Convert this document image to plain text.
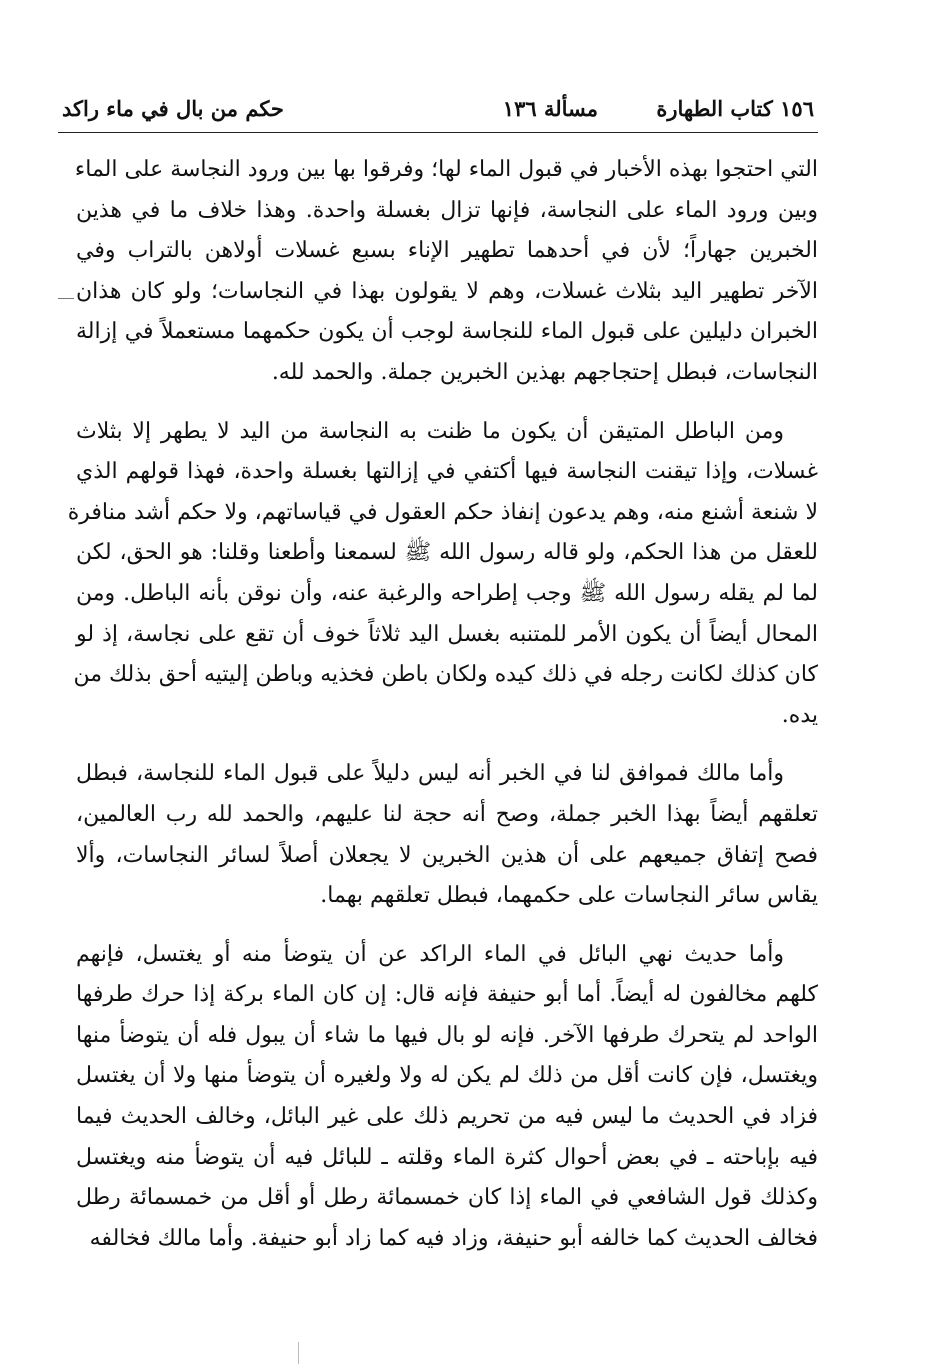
١٥٦ كتاب الطهارة
مسألة ١٣٦
حكم من بال في ماء راكد

التي احتجوا بهذه الأخبار في قبول الماء لها؛ وفرقوا بها بين ورود النجاسة على الماء
وبين ورود الماء على النجاسة، فإنها تزال بغسلة واحدة. وهذا خلاف ما في هذين
الخبرين جهاراً؛ لأن في أحدهما تطهير الإناء بسبع غسلات أولاهن بالتراب وفي
الآخر تطهير اليد بثلاث غسلات، وهم لا يقولون بهذا في النجاسات؛ ولو كان هذان
الخبران دليلين على قبول الماء للنجاسة لوجب أن يكون حكمهما مستعملاً في إزالة
النجاسات، فبطل إحتجاجهم بهذين الخبرين جملة. والحمد لله.

ومن الباطل المتيقن أن يكون ما ظنت به النجاسة من اليد لا يطهر إلا بثلاث
غسلات، وإذا تيقنت النجاسة فيها أكتفي في إزالتها بغسلة واحدة، فهذا قولهم الذي
لا شنعة أشنع منه، وهم يدعون إنفاذ حكم العقول في قياساتهم، ولا حكم أشد منافرة
للعقل من هذا الحكم، ولو قاله رسول الله ﷺ لسمعنا وأطعنا وقلنا: هو الحق، لكن
لما لم يقله رسول الله ﷺ وجب إطراحه والرغبة عنه، وأن نوقن بأنه الباطل. ومن
المحال أيضاً أن يكون الأمر للمتنبه بغسل اليد ثلاثاً خوف أن تقع على نجاسة، إذ لو
كان كذلك لكانت رجله في ذلك كيده ولكان باطن فخذيه وباطن إليتيه أحق بذلك من
يده.

وأما مالك فموافق لنا في الخبر أنه ليس دليلاً على قبول الماء للنجاسة، فبطل
تعلقهم أيضاً بهذا الخبر جملة، وصح أنه حجة لنا عليهم، والحمد لله رب العالمين،
فصح إتفاق جميعهم على أن هذين الخبرين لا يجعلان أصلاً لسائر النجاسات، وألا
يقاس سائر النجاسات على حكمهما، فبطل تعلقهم بهما.

وأما حديث نهي البائل في الماء الراكد عن أن يتوضأ منه أو يغتسل، فإنهم
كلهم مخالفون له أيضاً. أما أبو حنيفة فإنه قال: إن كان الماء بركة إذا حرك طرفها
الواحد لم يتحرك طرفها الآخر. فإنه لو بال فيها ما شاء أن يبول فله أن يتوضأ منها
ويغتسل، فإن كانت أقل من ذلك لم يكن له ولا ولغيره أن يتوضأ منها ولا أن يغتسل
فزاد في الحديث ما ليس فيه من تحريم ذلك على غير البائل، وخالف الحديث فيما
فيه بإباحته ـ في بعض أحوال كثرة الماء وقلته ـ للبائل فيه أن يتوضأ منه ويغتسل
وكذلك قول الشافعي في الماء إذا كان خمسمائة رطل أو أقل من خمسمائة رطل
فخالف الحديث كما خالفه أبو حنيفة، وزاد فيه كما زاد أبو حنيفة. وأما مالك فخالفه
